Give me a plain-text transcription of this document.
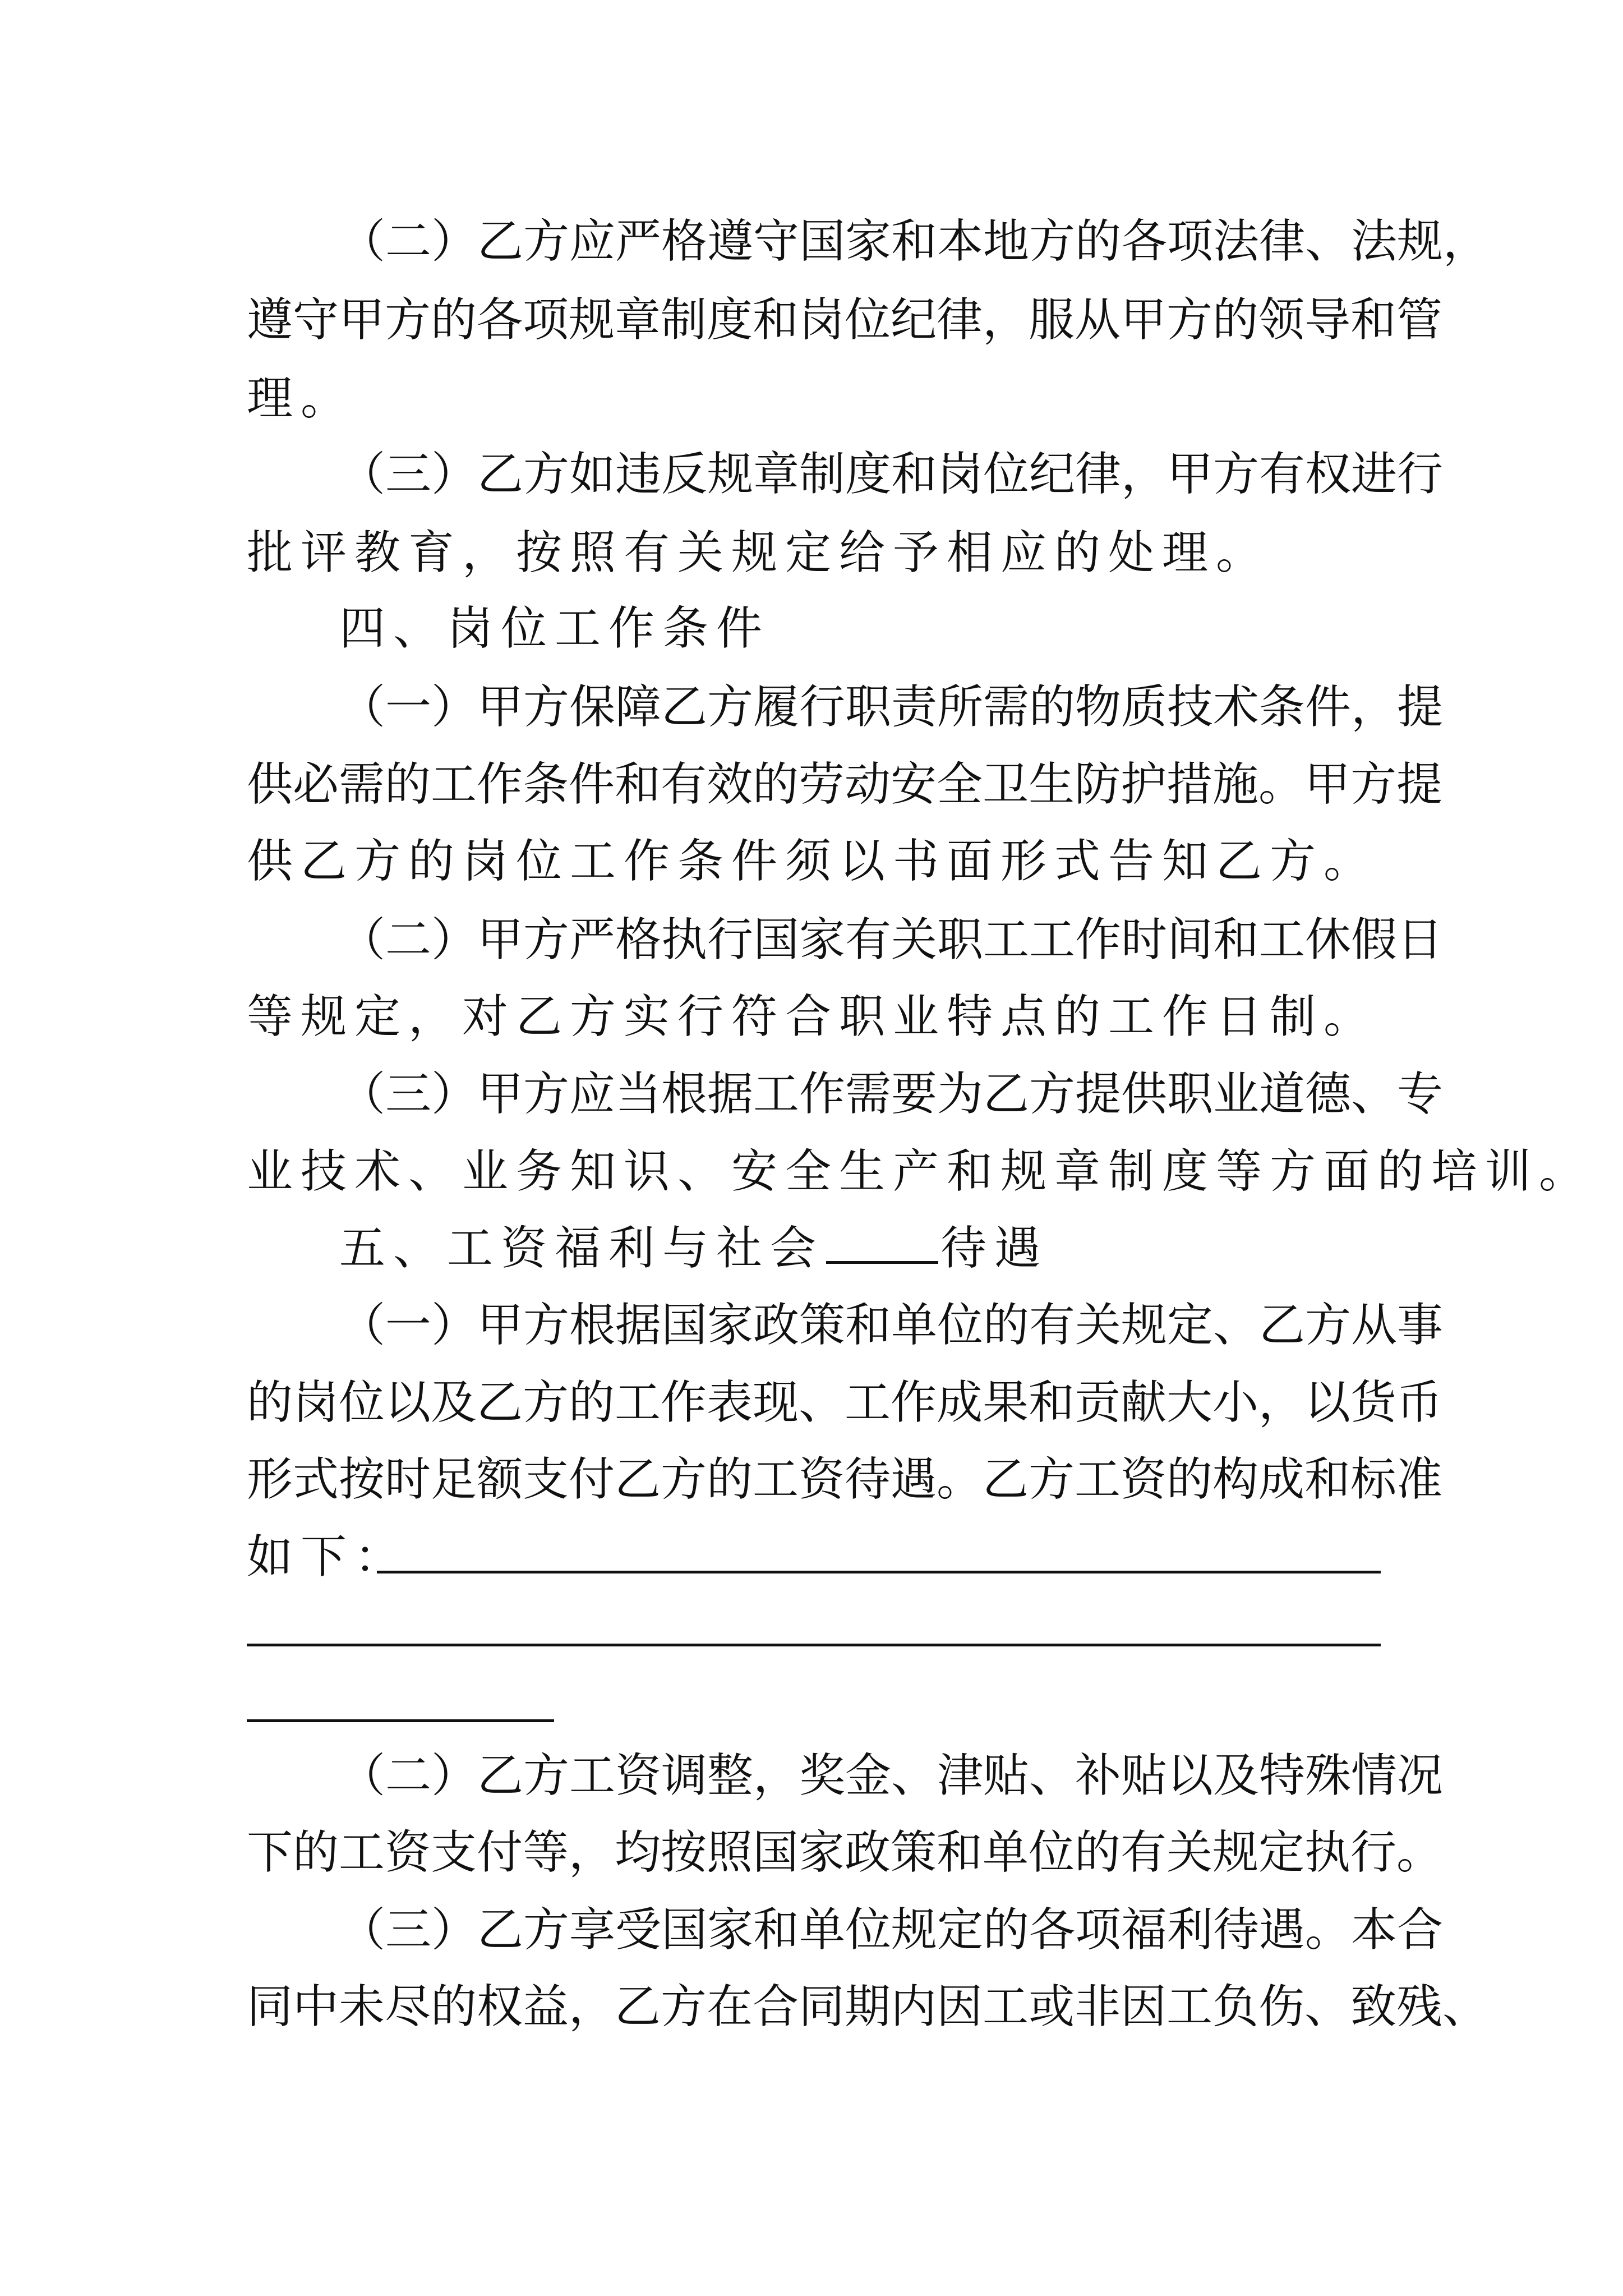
（二）乙方应严格遵守国家和本地方的各项法律、法规，
遵守甲方的各项规章制度和岗位纪律，服从甲方的领导和管
理。
（三）乙方如违反规章制度和岗位纪律，甲方有权进行
批评教育，按照有关规定给予相应的处理。
四、岗位工作条件
（一）甲方保障乙方履行职责所需的物质技术条件，提
供必需的工作条件和有效的劳动安全卫生防护措施。甲方提
供乙方的岗位工作条件须以书面形式告知乙方。
（二）甲方严格执行国家有关职工工作时间和工休假日
等规定，对乙方实行符合职业特点的工作日制。
（三）甲方应当根据工作需要为乙方提供职业道德、专
业技术、业务知识、安全生产和规章制度等方面的培训。
五、工资福利与社会	待遇
（一）甲方根据国家政策和单位的有关规定、乙方从事
的岗位以及乙方的工作表现、工作成果和贡献大小，以货币
形式按时足额支付乙方的工资待遇。乙方工资的构成和标准
如下：
（二）乙方工资调整，奖金、津贴、补贴以及特殊情况
下的工资支付等，均按照国家政策和单位的有关规定执行。
（三）乙方享受国家和单位规定的各项福利待遇。本合
同中未尽的权益，乙方在合同期内因工或非因工负伤、致残、
